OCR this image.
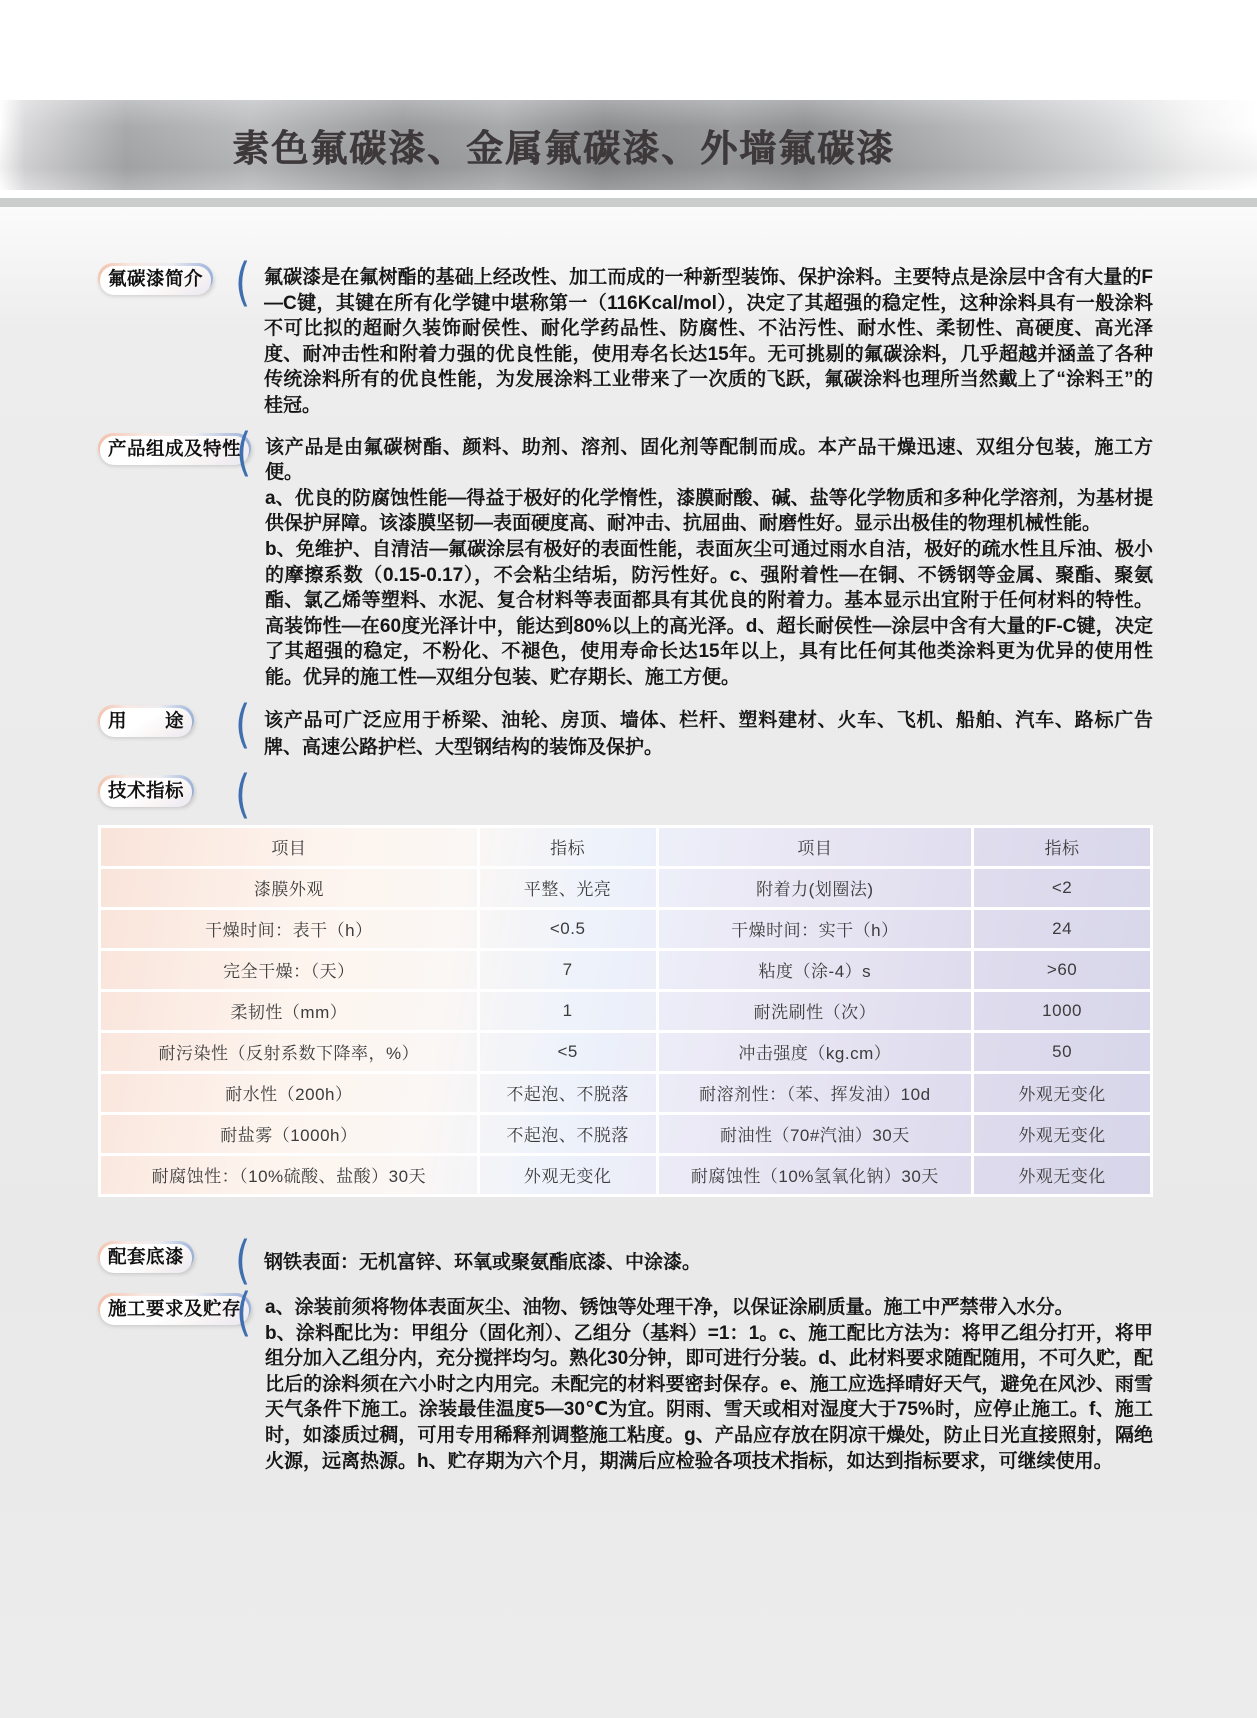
素色氟碳漆、金属氟碳漆、外墙氟碳漆
氟碳漆简介 ( 氟碳漆是在氟树酯的基础上经改性、加工而成的一种新型装饰、保护涂料。主要特点是涂层中含有大量的F—C键，其键在所有化学键中堪称第一（116Kcal/mol），决定了其超强的稳定性，这种涂料具有一般涂料不可比拟的超耐久装饰耐侯性、耐化学药品性、防腐性、不沾污性、耐水性、柔韧性、高硬度、高光泽度、耐冲击性和附着力强的优良性能，使用寿名长达15年。无可挑剔的氟碳涂料，几乎超越并涵盖了各种传统涂料所有的优良性能，为发展涂料工业带来了一次质的飞跃，氟碳涂料也理所当然戴上了“涂料王”的桂冠。

产品组成及特性
( 该产品是由氟碳树酯、颜料、助剂、溶剂、固化剂等配制而成。本产品干燥迅速、双组分包装，施工方便。

a、优良的防腐蚀性能—得益于极好的化学惰性，漆膜耐酸、碱、盐等化学物质和多种化学溶剂，为基材提供保护屏障。该漆膜坚韧—表面硬度高、耐冲击、抗屈曲、耐磨性好。显示出极佳的物理机械性能。

b、免维护、自清洁—氟碳涂层有极好的表面性能，表面灰尘可通过雨水自洁，极好的疏水性且斥油、极小的摩擦系数（0.15-0.17），不会粘尘结垢，防污性好。c、强附着性—在铜、不锈钢等金属、聚酯、聚氨酯、氯乙烯等塑料、水泥、复合材料等表面都具有其优良的附着力。基本显示出宜附于任何材料的特性。高装饰性—在60度光泽计中，能达到80%以上的高光泽。d、超长耐侯性—涂层中含有大量的F-C键，决定了其超强的稳定，不粉化、不褪色，使用寿命长达15年以上，具有比任何其他类涂料更为优异的使用性能。优异的施工性—双组分包装、贮存期长、施工方便。

用　　途 ( 该产品可广泛应用于桥梁、油轮、房顶、墙体、栏杆、塑料建材、火车、飞机、船舶、汽车、路标广告牌、高速公路护栏、大型钢结构的装饰及保护。

技术指标 (
项目	指标	项目	指标
漆膜外观	平整、光亮	附着力(划圈法)	<2
干燥时间：表干（h）	<0.5	干燥时间：实干（h）	24
完全干燥：（天）	7	粘度（涂-4）s	>60
柔韧性（mm）	1	耐洗刷性（次）	1000
耐污染性（反射系数下降率，%）	<5	冲击强度（kg.cm）	50
耐水性（200h）	不起泡、不脱落	耐溶剂性：（苯、挥发油）10d	外观无变化
耐盐雾（1000h）	不起泡、不脱落	耐油性（70#汽油）30天	外观无变化
耐腐蚀性：（10%硫酸、盐酸）30天	外观无变化	耐腐蚀性（10%氢氧化钠）30天	外观无变化
配套底漆 ( 钢铁表面：无机富锌、环氧或聚氨酯底漆、中涂漆。

施工要求及贮存
( a、涂装前须将物体表面灰尘、油物、锈蚀等处理干净，以保证涂刷质量。施工中严禁带入水分。

b、涂料配比为：甲组分（固化剂）、乙组分（基料）=1：1。c、施工配比方法为：将甲乙组分打开，将甲组分加入乙组分内，充分搅拌均匀。熟化30分钟，即可进行分装。d、此材料要求随配随用，不可久贮，配比后的涂料须在六小时之内用完。未配完的材料要密封保存。e、施工应选择晴好天气，避免在风沙、雨雪天气条件下施工。涂装最佳温度5—30℃为宜。阴雨、雪天或相对湿度大于75%时，应停止施工。f、施工时，如漆质过稠，可用专用稀释剂调整施工粘度。g、产品应存放在阴凉干燥处，防止日光直接照射，隔绝火源，远离热源。h、贮存期为六个月，期满后应检验各项技术指标，如达到指标要求，可继续使用。
